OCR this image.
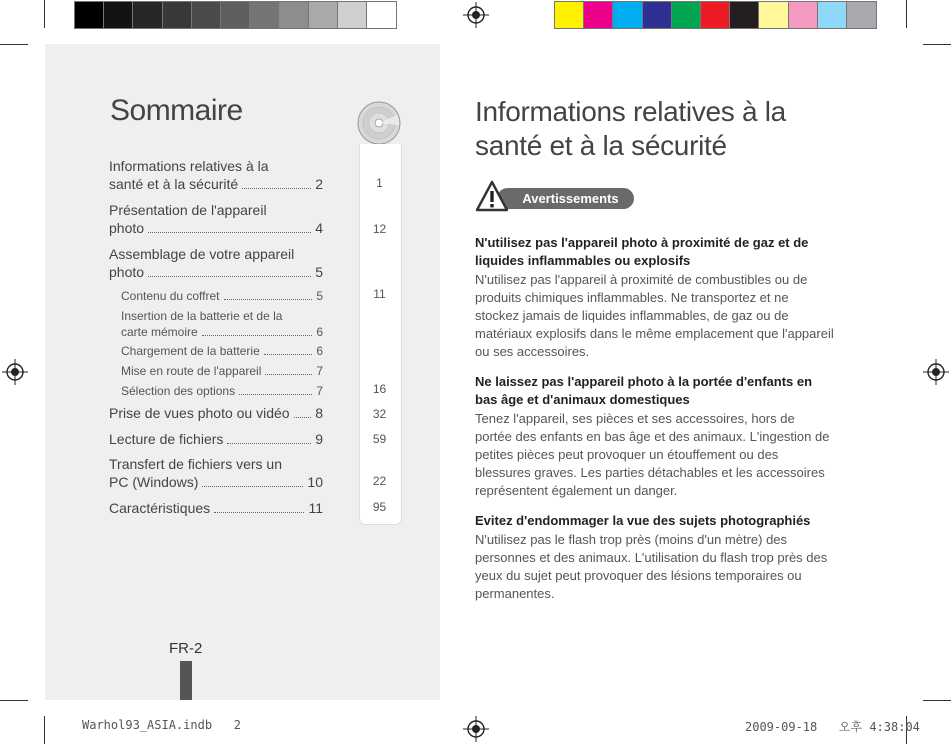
Sommaire
Informations relatives à la
santé et à la sécurité	2
Présentation de l'appareil
photo	4
Assemblage de votre appareil
photo	5
Contenu du coffret	5
Insertion de la batterie et de la
carte mémoire	6
Chargement de la batterie	6
Mise en route de l'appareil	7
Sélection des options	7
Prise de vues photo ou vidéo 8
Lecture de fichiers	9
Transfert de fichiers vers un
PC (Windows)	10
Caractéristiques	11
FR-2
1
12
11
16
32
59
22
95
Informations relatives à la
santé et à la sécurité
Avertissements
N'utilisez pas l'appareil photo à proximité de gaz et de liquides inflammables ou explosifs
N'utilisez pas l'appareil à proximité de combustibles ou de produits chimiques inflammables. Ne transportez et ne stockez jamais de liquides inflammables, de gaz ou de matériaux explosifs dans le même emplacement que l'appareil ou ses accessoires.
Ne laissez pas l'appareil photo à la portée d'enfants en bas âge et d'animaux domestiques
Tenez l'appareil, ses pièces et ses accessoires, hors de portée des enfants en bas âge et des animaux. L'ingestion de petites pièces peut provoquer un étouffement ou des blessures graves. Les parties détachables et les accessoires représentent également un danger.
Evitez d'endommager la vue des sujets photographiés
N'utilisez pas le flash trop près (moins d'un mètre) des personnes et des animaux. L'utilisation du flash trop près des yeux du sujet peut provoquer des lésions temporaires ou permanentes.
Warhol93_ASIA.indb   2	2009-09-18   오후 4:38:04
